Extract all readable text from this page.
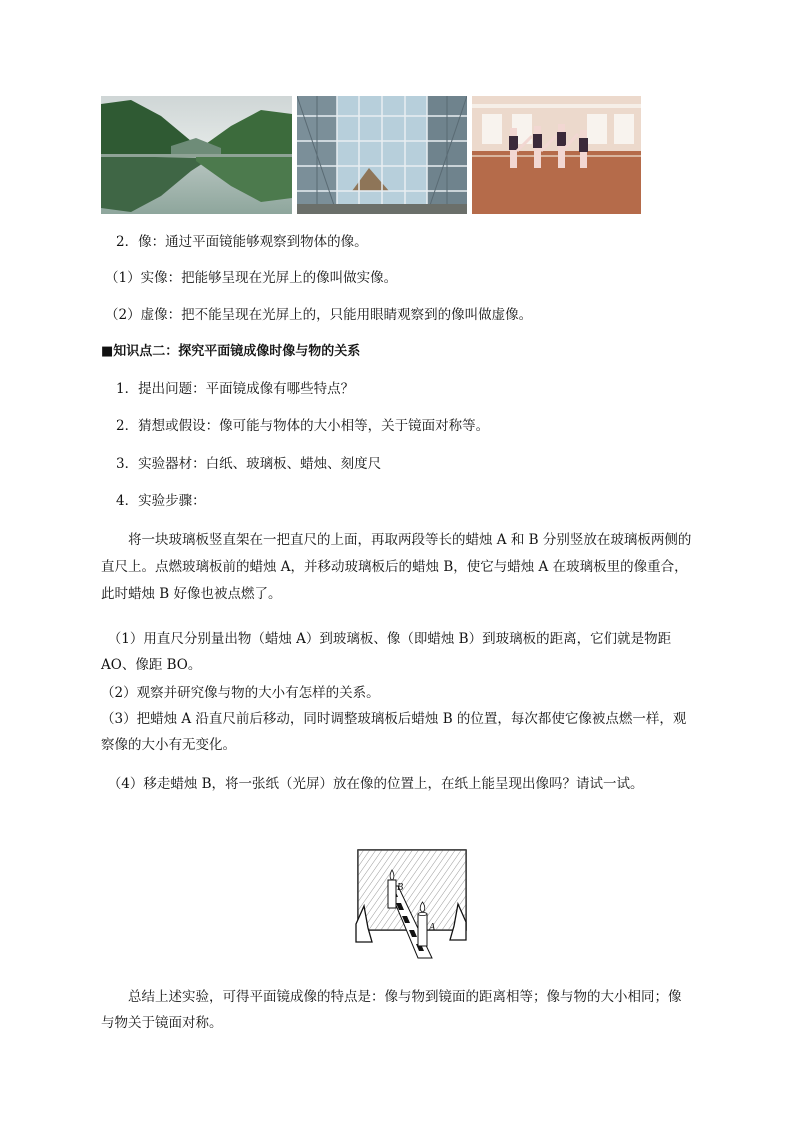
2．像：通过平面镜能够观察到物体的像。
（1）实像：把能够呈现在光屏上的像叫做实像。
（2）虚像：把不能呈现在光屏上的，只能用眼睛观察到的像叫做虚像。
■知识点二：探究平面镜成像时像与物的关系
1．提出问题：平面镜成像有哪些特点？
2．猜想或假设：像可能与物体的大小相等，关于镜面对称等。
3．实验器材：白纸、玻璃板、蜡烛、刻度尺
4．实验步骤：
将一块玻璃板竖直架在一把直尺的上面，再取两段等长的蜡烛 A 和 B 分别竖放在玻璃板两侧的直尺上。点燃玻璃板前的蜡烛 A，并移动玻璃板后的蜡烛 B，使它与蜡烛 A 在玻璃板里的像重合，此时蜡烛 B 好像也被点燃了。
（1）用直尺分别量出物（蜡烛 A）到玻璃板、像（即蜡烛 B）到玻璃板的距离，它们就是物距 AO、像距 BO。
（2）观察并研究像与物的大小有怎样的关系。
（3）把蜡烛 A 沿直尺前后移动，同时调整玻璃板后蜡烛 B 的位置，每次都使它像被点燃一样，观察像的大小有无变化。
（4）移走蜡烛 B，将一张纸（光屏）放在像的位置上，在纸上能呈现出像吗？请试一试。
B
A
总结上述实验，可得平面镜成像的特点是：像与物到镜面的距离相等；像与物的大小相同；像与物关于镜面对称。
